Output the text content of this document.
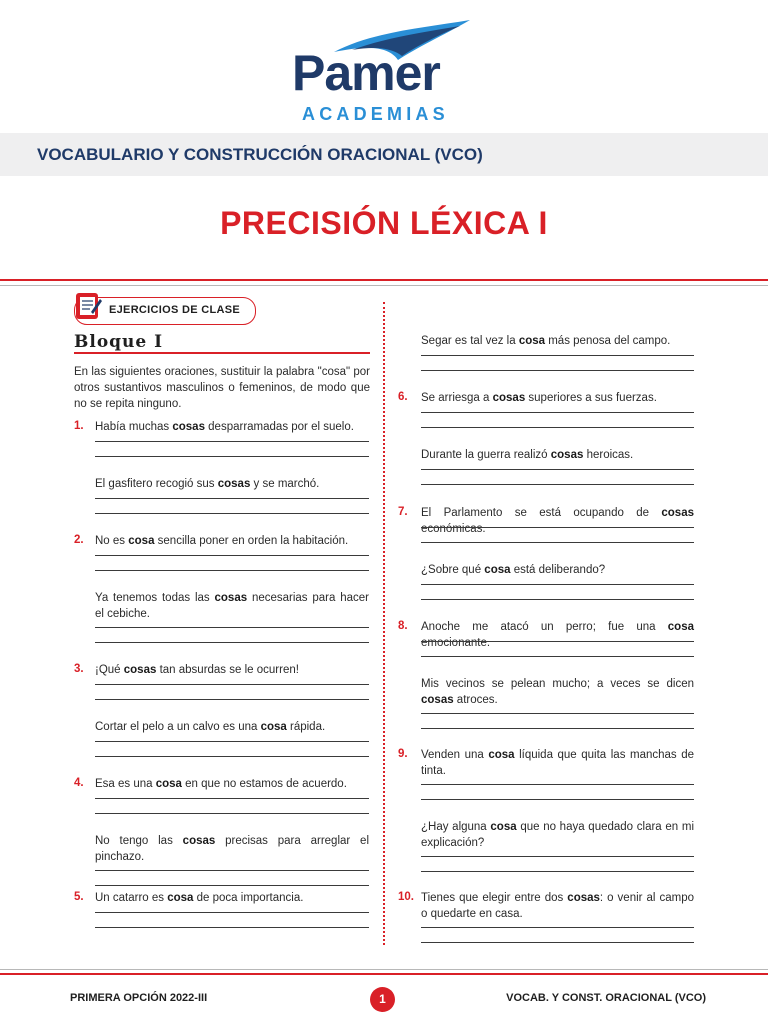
Pamer
ACADEMIAS
VOCABULARIO Y CONSTRUCCIÓN ORACIONAL (VCO)
PRECISIÓN LÉXICA I
EJERCICIOS DE CLASE
Bloque I
En las siguientes oraciones, sustituir la palabra "cosa" por otros sustantivos masculinos o femeninos, de modo que no se repita ninguno.
1. Había muchas cosas desparramadas por el suelo.
El gasfitero recogió sus cosas y se marchó.
2. No es cosa sencilla poner en orden la habitación.
Ya tenemos todas las cosas necesarias para hacer el cebiche.
3. ¡Qué cosas tan absurdas se le ocurren!
Cortar el pelo a un calvo es una cosa rápida.
4. Esa es una cosa en que no estamos de acuerdo.
No tengo las cosas precisas para arreglar el pinchazo.
5. Un catarro es cosa de poca importancia.
Segar es tal vez la cosa más penosa del campo.
6. Se arriesga a cosas superiores a sus fuerzas.
Durante la guerra realizó cosas heroicas.
7. El Parlamento se está ocupando de cosas económicas.
¿Sobre qué cosa está deliberando?
8. Anoche me atacó un perro; fue una cosa emocionante.
Mis vecinos se pelean mucho; a veces se dicen cosas atroces.
9. Venden una cosa líquida que quita las manchas de tinta.
¿Hay alguna cosa que no haya quedado clara en mi explicación?
10. Tienes que elegir entre dos cosas: o venir al campo o quedarte en casa.
PRIMERA OPCIÓN 2022-III	1	VOCAB. Y CONST. ORACIONAL (VCO)
